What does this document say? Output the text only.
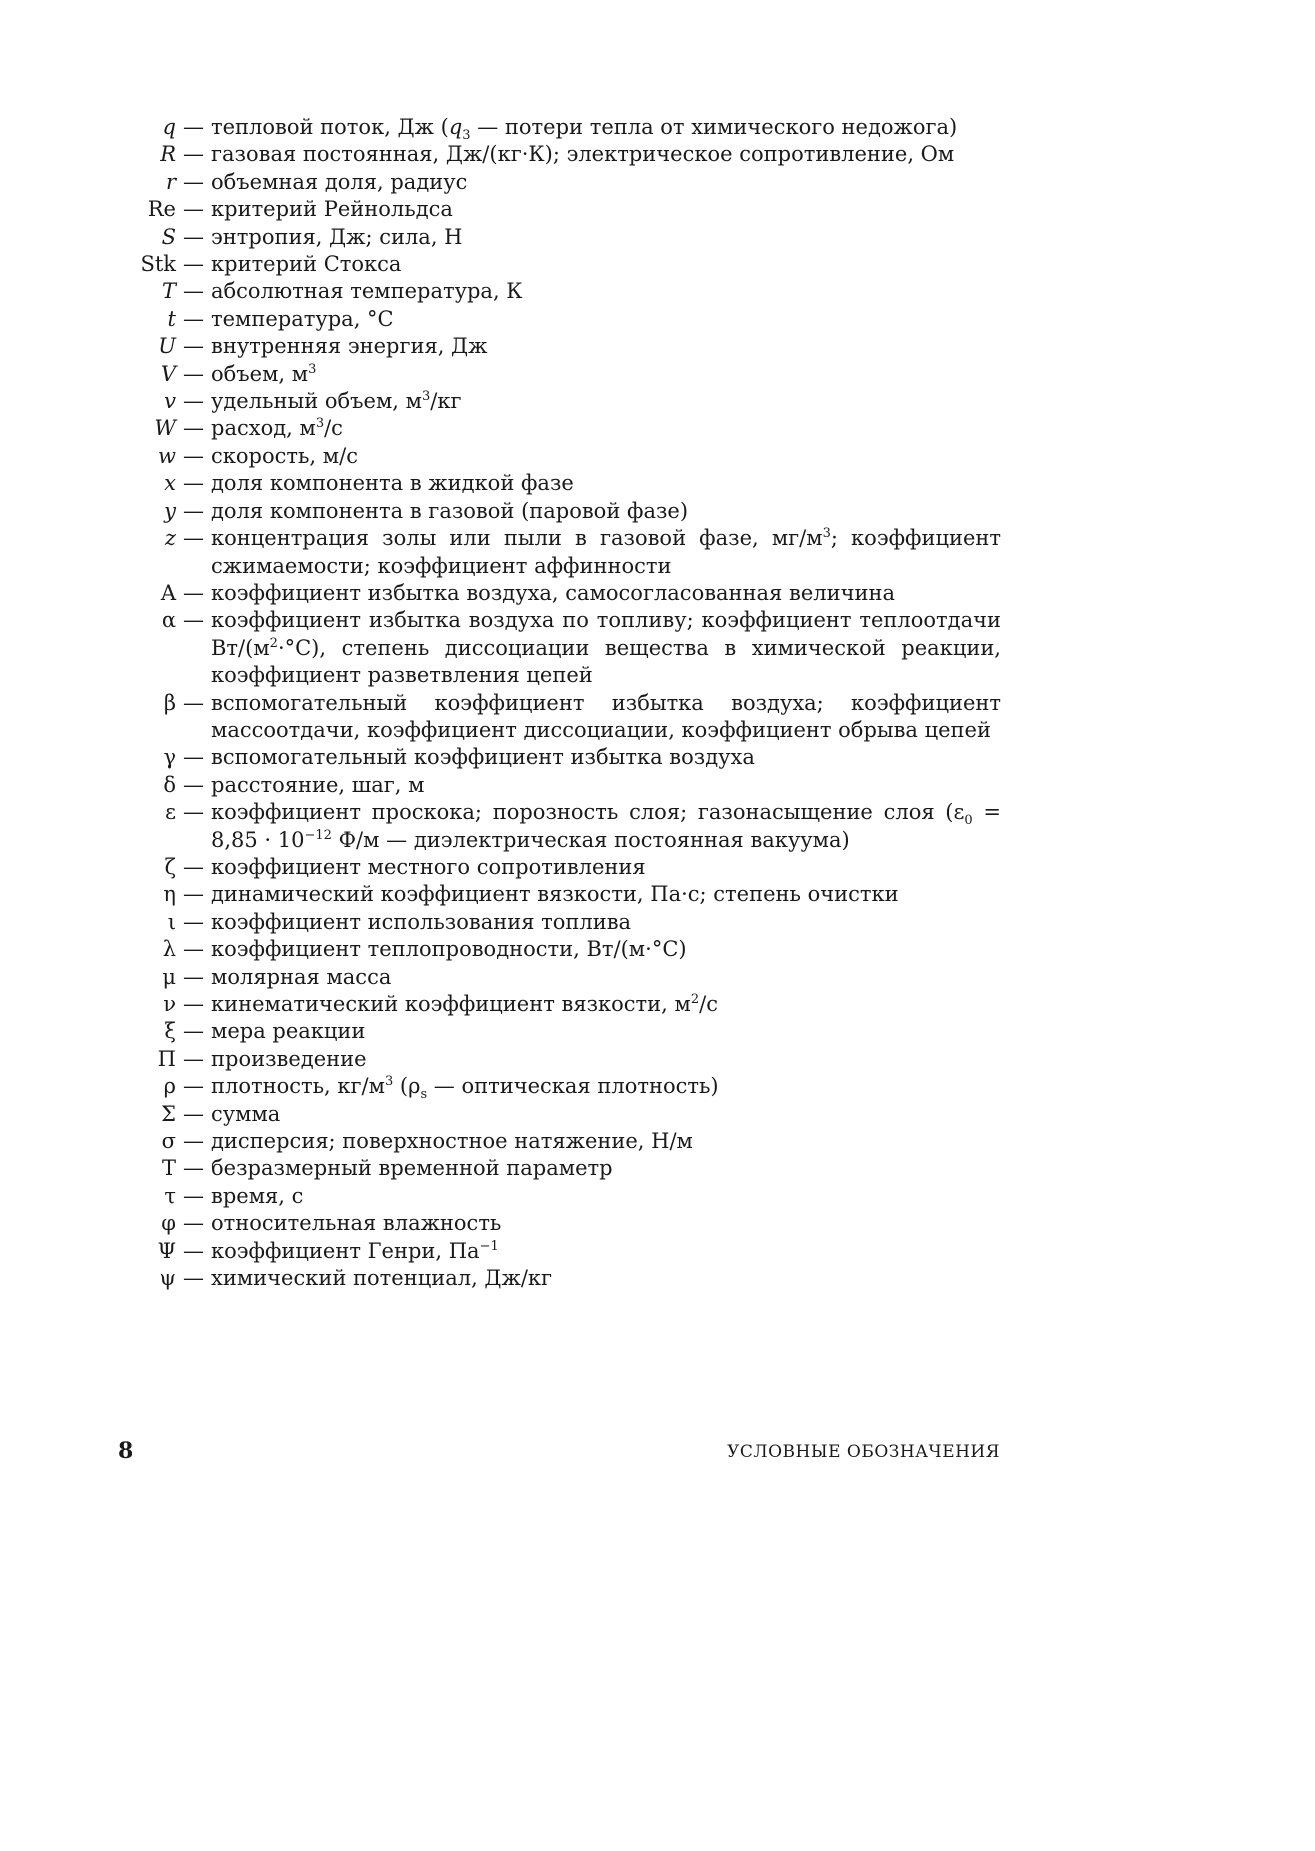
q — тепловой поток, Дж ($q_3$ — потери тепла от химического недожога)
R — газовая постоянная, Дж/(кг·К); электрическое сопротивление, Ом
r — объемная доля, радиус
Re — критерий Рейнольдса
S — энтропия, Дж; сила, Н
Stk — критерий Стокса
T — абсолютная температура, К
t — температура, °С
U — внутренняя энергия, Дж
V — объем, $м^3$
v — удельный объем, $м^3/кг$
W — расход, $м^3/с$
w — скорость, м/с
x — доля компонента в жидкой фазе
y — доля компонента в газовой (паровой фазе)
z — концентрация золы или пыли в газовой фазе, $мг/м^3$; коэффициент сжимаемости; коэффициент аффинности
A — коэффициент избытка воздуха, самосогласованная величина
α — коэффициент избытка воздуха по топливу; коэффициент теплоотдачи $Вт/(м^2\cdot^\circ С)$, степень диссоциации вещества в химической реакции, коэффициент разветвления цепей
β — вспомогательный коэффициент избытка воздуха; коэффициент массоотдачи, коэффициент диссоциации, коэффициент обрыва цепей
γ — вспомогательный коэффициент избытка воздуха
δ — расстояние, шаг, м
ε — коэффициент проскока; порозность слоя; газонасыщение слоя ($\varepsilon_0 = 8,85 \cdot 10^{-12}$ Ф/м — диэлектрическая постоянная вакуума)
ζ — коэффициент местного сопротивления
η — динамический коэффициент вязкости, Па·с; степень очистки
ι — коэффициент использования топлива
λ — коэффициент теплопроводности, Вт/(м·°С)
μ — молярная масса
ν — кинематический коэффициент вязкости, $м^2/с$
ξ — мера реакции
Π — произведение
ρ — плотность, $кг/м^3$ ($\rho_s$ — оптическая плотность)
Σ — сумма
σ — дисперсия; поверхностное натяжение, Н/м
Τ — безразмерный временной параметр
τ — время, с
φ — относительная влажность
Ψ — коэффициент Генри, $Па^{-1}$
ψ — химический потенциал, Дж/кг
8	УСЛОВНЫЕ ОБОЗНАЧЕНИЯ
